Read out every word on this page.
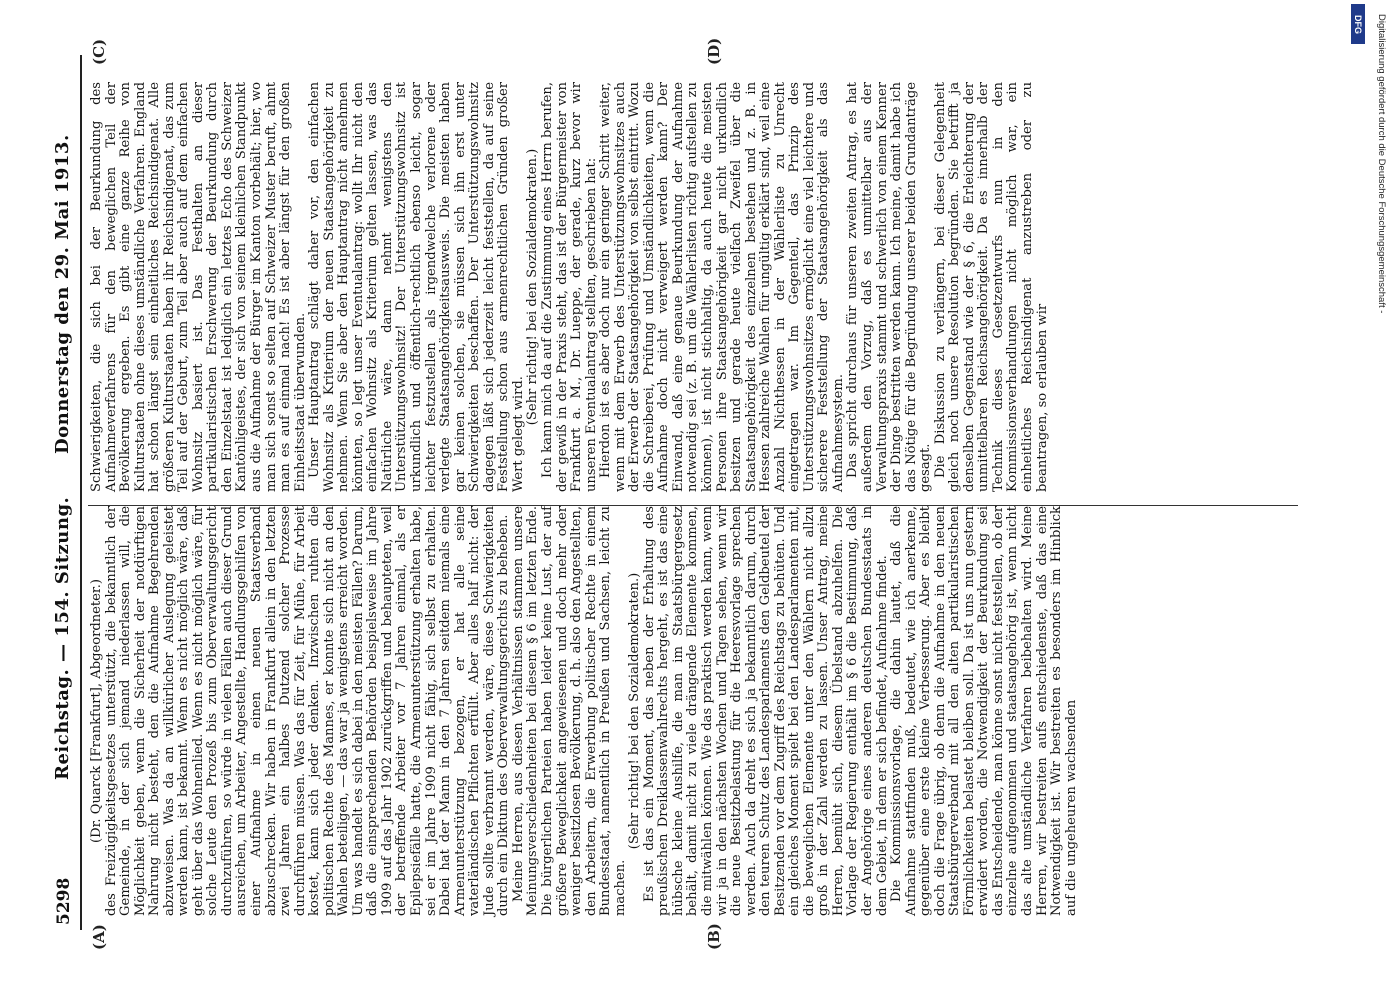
5298
Reichstag. — 154. Sitzung.
Donnerstag den 29. Mai 1913.
(A)	(B)
(C)	(D)

(Dr. Quarck [Frankfurt], Abgeordneter.) des Freizügigkeitsgesetzes unterstützt, die bekanntlich der Gemeinde, in der sich jemand niederlassen will, die Möglichkeit geben, wenn die Sicherheit der notdürftigen Nahrung nicht besteht, den die Aufnahme Begehrenden abzuweisen. Was da an willkürlicher Auslegung geleistet werden kann, ist bekannt. Wenn es nicht möglich wäre, daß geht über das Wohnenlied. Wenn es nicht möglich wäre, für solche Leute den Prozeß bis zum Oberverwaltungsgericht durchzuführen, so würde in vielen Fällen auch dieser Grund ausreichen, um Arbeiter, Angestellte, Handlungsgehilfen von einer Aufnahme in einen neuen Staatsverband abzuschrecken. Wir haben in Frankfurt allein in den letzten zwei Jahren ein halbes Dutzend solcher Prozesse durchführen müssen. Was das für Zeit, für Mühe, für Arbeit kostet, kann sich jeder denken. Inzwischen ruhten die politischen Rechte des Mannes, er konnte sich nicht an den Wahlen beteiligen, — das war ja wenigstens erreicht worden. Um was handelt es sich dabei in den meisten Fällen? Darum, daß die einsprechenden Behörden beispielsweise im Jahre 1909 auf das Jahr 1902 zurückgriffen und behaupteten, weil der betreffende Arbeiter vor 7 Jahren einmal, als er Epilepsiefälle hatte, die Armenunterstützung erhalten habe, sei er im Jahre 1909 nicht fähig, sich selbst zu erhalten. Dabei hat der Mann in den 7 Jahren seitdem niemals eine Armenunterstützung bezogen, er hat alle seine vaterländischen Pflichten erfüllt. Aber alles half nicht: der Jude sollte verbrannt werden, wäre, diese Schwierigkeiten durch ein Diktum des Oberverwaltungsgerichts zu beheben. Meine Herren, aus diesen Verhältnissen stammen unsere Meinungsverschiedenheiten bei diesem § 6 im letzten Ende. Die bürgerlichen Parteien haben leider keine Lust, der auf größere Beweglichkeit angewiesenen und doch mehr oder weniger besitzlosen Bevölkerung, d. h. also den Angestellten, den Arbeitern, die Erwerbung politischer Rechte in einem Bundesstaat, namentlich in Preußen und Sachsen, leicht zu machen.

(Sehr richtig! bei den Sozialdemokraten.) Es ist das ein Moment, das neben der Erhaltung des preußischen Dreiklassenwahlrechts hergeht, es ist das eine hübsche kleine Aushilfe, die man im Staatsbürgergesetz behält, damit nicht zu viele drängende Elemente kommen, die mitwählen können. Wie das praktisch werden kann, wenn wir ja in den nächsten Wochen und Tagen sehen, wenn wir die neue Besitzbelastung für die Heeresvorlage sprechen werden. Auch da dreht es sich ja bekanntlich darum, durch den teuren Schutz des Landesparlaments den Geldbeutel der Besitzenden vor dem Zugriff des Reichstags zu behüten. Und ein gleiches Moment spielt bei den Landesparlamenten mit, die beweglichen Elemente unter den Wählern nicht allzu groß in der Zahl werden zu lassen. Unser Antrag, meine Herren, bemüht sich, diesem Übelstand abzuhelfen. Die Vorlage der Regierung enthält im § 6 die Bestimmung, daß der Angehörige eines anderen deutschen Bundesstaats in dem Gebiet, in dem er sich befindet, Aufnahme findet. Die Kommissionsvorlage, die dahin lautet, daß die Aufnahme stattfinden muß, bedeutet, wie ich anerkenne, gegenüber eine erste kleine Verbesserung. Aber es bleibt doch die Frage übrig, ob denn die Aufnahme in den neuen Staatsbürgerverband mit all den alten partikularistischen Förmlichkeiten belastet bleiben soll. Da ist uns nun gestern erwidert worden, die Notwendigkeit der Beurkundung sei das Entscheidende, man könne sonst nicht feststellen, ob der einzelne aufgenommen und staatsangehörig ist, wenn nicht das alte umständliche Verfahren beibehalten wird. Meine Herren, wir bestreiten aufs entschiedenste, daß das eine Notwendigkeit ist. Wir bestreiten es besonders im Hinblick auf die ungeheuren wachsenden

Schwierigkeiten, die sich bei der Beurkundung des Aufnahmeverfahrens für den beweglichen Teil der Bevölkerung ergeben. Es gibt eine ganze Reihe von Kulturstaaten ohne dieses umständliche Verfahren. England hat schon längst sein einheitliches Reichsindigenat. Alle größeren Kulturstaaten haben ihr Reichsindigenat, das zum Teil auf der Geburt, zum Teil aber auch auf dem einfachen Wohnsitz basiert ist. Das Festhalten an dieser partikularistischen Erschwerung der Beurkundung durch den Einzelstaat ist lediglich ein letztes Echo des Schweizer Kantönligeistes, der sich von seinem kleinlichen Standpunkt aus die Aufnahme der Bürger im Kanton vorbehält; hier, wo man sich sonst so selten auf Schweizer Muster beruft, ahmt man es auf einmal nach! Es ist aber längst für den großen Einheitsstaat überwunden. Unser Hauptantrag schlägt daher vor, den einfachen Wohnsitz als Kriterium der neuen Staatsangehörigkeit zu nehmen. Wenn Sie aber den Hauptantrag nicht annehmen könnten, so legt unser Eventualantrag: wollt Ihr nicht den einfachen Wohnsitz als Kriterium gelten lassen, was das Natürliche wäre, dann nehmt wenigstens den Unterstützungswohnsitz! Der Unterstützungswohnsitz ist urkundlich und öffentlich-rechtlich ebenso leicht, sogar leichter festzustellen als irgendwelche verlorene oder verlegte Staatsangehörigkeitsausweis. Die meisten haben gar keinen solchen, sie müssen sich ihn erst unter Schwierigkeiten beschaffen. Der Unterstützungswohnsitz dagegen läßt sich jederzeit leicht feststellen, da auf seine Feststellung schon aus armenrechtlichen Gründen großer Wert gelegt wird.

(Sehr richtig! bei den Sozialdemokraten.) Ich kann mich da auf die Zustimmung eines Herrn berufen, der gewiß in der Praxis steht, das ist der Bürgermeister von Frankfurt a. M., Dr. Lueppe, der gerade, kurz bevor wir unseren Eventualantrag stellten, geschrieben hat: Hierdon ist es aber doch nur ein geringer Schritt weiter, wenn mit dem Erwerb des Unterstützungswohnsitzes auch der Erwerb der Staatsangehörigkeit von selbst eintritt. Wozu die Schreiberei, Prüfung und Umständlichkeiten, wenn die Aufnahme doch nicht verweigert werden kann? Der Einwand, daß eine genaue Beurkundung der Aufnahme notwendig sei (z. B. um die Wählerlisten richtig aufstellen zu können), ist nicht stichhaltig, da auch heute die meisten Personen ihre Staatsangehörigkeit gar nicht urkundlich besitzen und gerade heute vielfach Zweifel über die Staatsangehörigkeit des einzelnen bestehen und z. B. in Hessen zahlreiche Wahlen für ungültig erklärt sind, weil eine Anzahl Nichthessen in der Wählerliste zu Unrecht eingetragen war. Im Gegenteil, das Prinzip des Unterstützungswohnsitzes ermöglicht eine viel leichtere und sicherere Feststellung der Staatsangehörigkeit als das Aufnahmesystem. Das spricht durchaus für unseren zweiten Antrag, es hat außerdem den Vorzug, daß es unmittelbar aus der Verwaltungspraxis stammt und schwerlich von einem Kenner der Dinge bestritten werden kann. Ich meine, damit habe ich das Nötige für die Begründung unserer beiden Grundanträge gesagt. Die Diskussion zu verlängern, bei dieser Gelegenheit gleich noch unsere Resolution begründen. Sie betrifft ja denselben Gegenstand wie der § 6, die Erleichterung der unmittelbaren Reichsangehörigkeit. Da es innerhalb der Technik dieses Gesetzentwurfs nun in den Kommissionsverhandlungen nicht möglich war, ein einheitliches Reichsindigenat anzustreben oder zu beantragen, so erlauben wir

DFG Digitalisierung gefördert durch die Deutsche Forschungsgemeinschaft -
